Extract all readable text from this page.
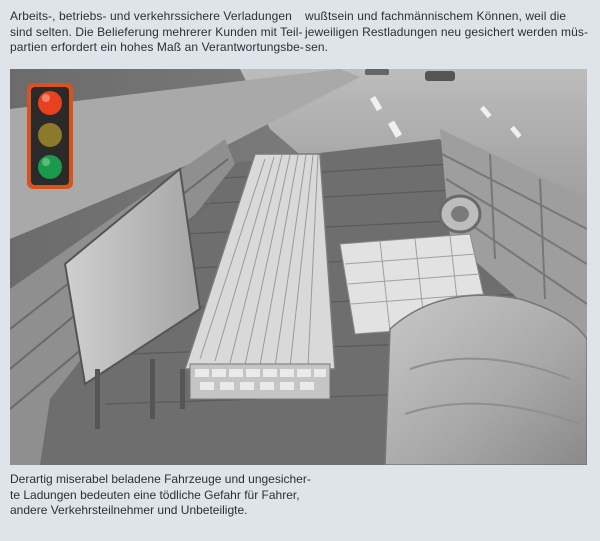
Arbeits-, betriebs- und verkehrssichere Verladungen
sind selten. Die Belieferung mehrerer Kunden mit Teil-
partien erfordert ein hohes Maß an Verantwortungsbe-
wußtsein und fachmännischem Können, weil die
jeweiligen Restladungen neu gesichert werden müs-
sen.
Derartig miserabel beladene Fahrzeuge und ungesicher-
te Ladungen bedeuten eine tödliche Gefahr für Fahrer,
andere Verkehrsteilnehmer und Unbeteiligte.
